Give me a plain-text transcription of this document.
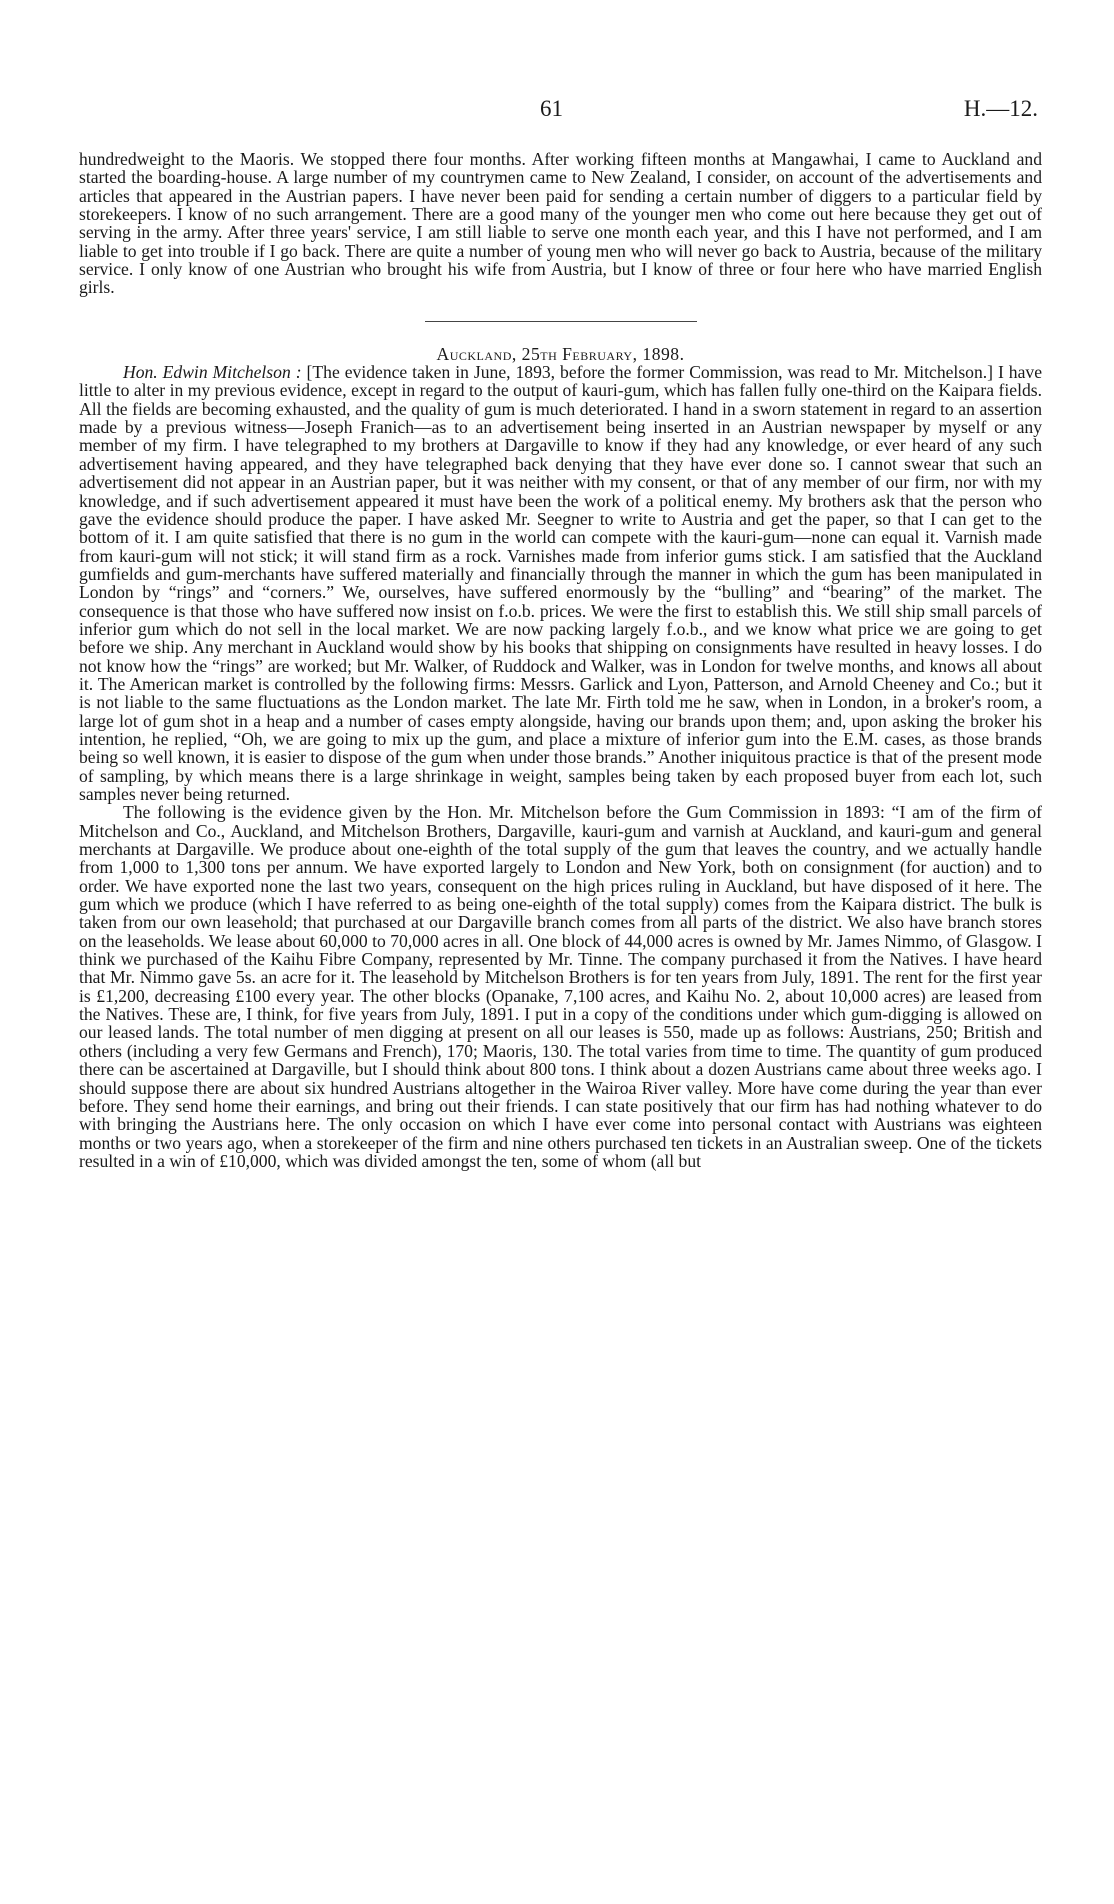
61	H.—12.

hundredweight to the Maoris. We stopped there four months. After working fifteen months at Mangawhai, I came to Auckland and started the boarding-house. A large number of my countrymen came to New Zealand, I consider, on account of the advertisements and articles that appeared in the Austrian papers. I have never been paid for sending a certain number of diggers to a particular field by storekeepers. I know of no such arrangement. There are a good many of the younger men who come out here because they get out of serving in the army. After three years' service, I am still liable to serve one month each year, and this I have not performed, and I am liable to get into trouble if I go back. There are quite a number of young men who will never go back to Austria, because of the military service. I only know of one Austrian who brought his wife from Austria, but I know of three or four here who have married English girls.

Auckland, 25th February, 1898.

Hon. Edwin Mitchelson : [The evidence taken in June, 1893, before the former Commission, was read to Mr. Mitchelson.] I have little to alter in my previous evidence, except in regard to the output of kauri-gum, which has fallen fully one-third on the Kaipara fields. All the fields are becoming exhausted, and the quality of gum is much deteriorated. I hand in a sworn statement in regard to an assertion made by a previous witness—Joseph Franich—as to an advertisement being inserted in an Austrian newspaper by myself or any member of my firm. I have telegraphed to my brothers at Dargaville to know if they had any knowledge, or ever heard of any such advertisement having appeared, and they have telegraphed back denying that they have ever done so. I cannot swear that such an advertisement did not appear in an Austrian paper, but it was neither with my consent, or that of any member of our firm, nor with my knowledge, and if such advertisement appeared it must have been the work of a political enemy. My brothers ask that the person who gave the evidence should produce the paper. I have asked Mr. Seegner to write to Austria and get the paper, so that I can get to the bottom of it. I am quite satisfied that there is no gum in the world can compete with the kauri-gum—none can equal it. Varnish made from kauri-gum will not stick; it will stand firm as a rock. Varnishes made from inferior gums stick. I am satisfied that the Auckland gumfields and gum-merchants have suffered materially and financially through the manner in which the gum has been manipulated in London by “rings” and “corners.” We, ourselves, have suffered enormously by the “bulling” and “bearing” of the market. The consequence is that those who have suffered now insist on f.o.b. prices. We were the first to establish this. We still ship small parcels of inferior gum which do not sell in the local market. We are now packing largely f.o.b., and we know what price we are going to get before we ship. Any merchant in Auckland would show by his books that shipping on consignments have resulted in heavy losses. I do not know how the “rings” are worked; but Mr. Walker, of Ruddock and Walker, was in London for twelve months, and knows all about it. The American market is controlled by the following firms: Messrs. Garlick and Lyon, Patterson, and Arnold Cheeney and Co.; but it is not liable to the same fluctuations as the London market. The late Mr. Firth told me he saw, when in London, in a broker's room, a large lot of gum shot in a heap and a number of cases empty alongside, having our brands upon them; and, upon asking the broker his intention, he replied, “Oh, we are going to mix up the gum, and place a mixture of inferior gum into the E.M. cases, as those brands being so well known, it is easier to dispose of the gum when under those brands.” Another iniquitous practice is that of the present mode of sampling, by which means there is a large shrinkage in weight, samples being taken by each proposed buyer from each lot, such samples never being returned.

The following is the evidence given by the Hon. Mr. Mitchelson before the Gum Commission in 1893: “I am of the firm of Mitchelson and Co., Auckland, and Mitchelson Brothers, Dargaville, kauri-gum and varnish at Auckland, and kauri-gum and general merchants at Dargaville. We produce about one-eighth of the total supply of the gum that leaves the country, and we actually handle from 1,000 to 1,300 tons per annum. We have exported largely to London and New York, both on consignment (for auction) and to order. We have exported none the last two years, consequent on the high prices ruling in Auckland, but have disposed of it here. The gum which we produce (which I have referred to as being one-eighth of the total supply) comes from the Kaipara district. The bulk is taken from our own leasehold; that purchased at our Dargaville branch comes from all parts of the district. We also have branch stores on the leaseholds. We lease about 60,000 to 70,000 acres in all. One block of 44,000 acres is owned by Mr. James Nimmo, of Glasgow. I think we purchased of the Kaihu Fibre Company, represented by Mr. Tinne. The company purchased it from the Natives. I have heard that Mr. Nimmo gave 5s. an acre for it. The leasehold by Mitchelson Brothers is for ten years from July, 1891. The rent for the first year is £1,200, decreasing £100 every year. The other blocks (Opanake, 7,100 acres, and Kaihu No. 2, about 10,000 acres) are leased from the Natives. These are, I think, for five years from July, 1891. I put in a copy of the conditions under which gum-digging is allowed on our leased lands. The total number of men digging at present on all our leases is 550, made up as follows: Austrians, 250; British and others (including a very few Germans and French), 170; Maoris, 130. The total varies from time to time. The quantity of gum produced there can be ascertained at Dargaville, but I should think about 800 tons. I think about a dozen Austrians came about three weeks ago. I should suppose there are about six hundred Austrians altogether in the Wairoa River valley. More have come during the year than ever before. They send home their earnings, and bring out their friends. I can state positively that our firm has had nothing whatever to do with bringing the Austrians here. The only occasion on which I have ever come into personal contact with Austrians was eighteen months or two years ago, when a storekeeper of the firm and nine others purchased ten tickets in an Australian sweep. One of the tickets resulted in a win of £10,000, which was divided amongst the ten, some of whom (all but
